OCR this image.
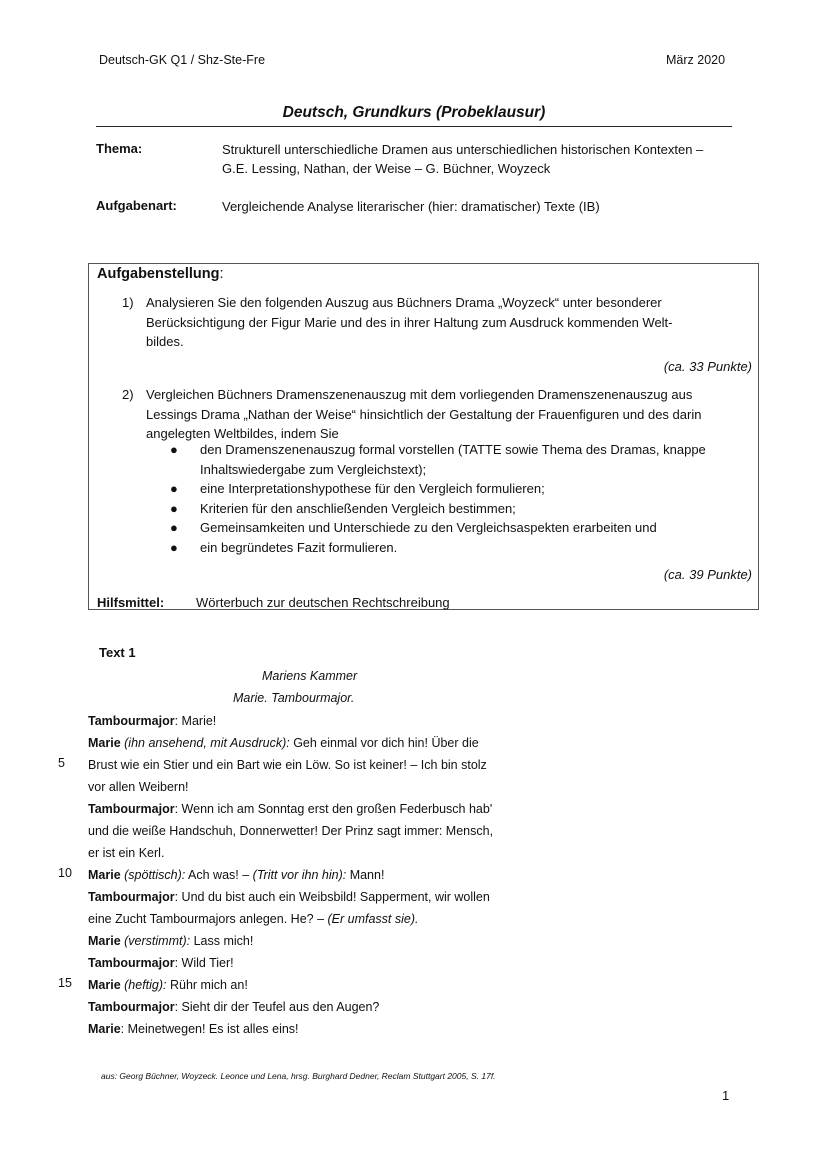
Deutsch-GK Q1 / Shz-Ste-Fre	März 2020
Deutsch, Grundkurs (Probeklausur)
Thema:	Strukturell unterschiedliche Dramen aus unterschiedlichen historischen Kontexten –
G.E. Lessing, Nathan, der Weise – G. Büchner, Woyzeck
Aufgabenart:	Vergleichende Analyse literarischer (hier: dramatischer) Texte (IB)
Aufgabenstellung:
1) Analysieren Sie den folgenden Auszug aus Büchners Drama „Woyzeck“ unter besonderer
Berücksichtigung der Figur Marie und des in ihrer Haltung zum Ausdruck kommenden Welt-
bildes.
(ca. 33 Punkte)
2) Vergleichen Büchners Dramenszenenauszug mit dem vorliegenden Dramenszenenauszug aus
Lessings Drama „Nathan der Weise“ hinsichtlich der Gestaltung der Frauenfiguren und des darin
angelegten Weltbildes, indem Sie
● den Dramenszenenauszug formal vorstellen (TATTE sowie Thema des Dramas, knappe
Inhaltswiedergabe zum Vergleichstext);
● eine Interpretationshypothese für den Vergleich formulieren;
● Kriterien für den anschließenden Vergleich bestimmen;
● Gemeinsamkeiten und Unterschiede zu den Vergleichsaspekten erarbeiten und
● ein begründetes Fazit formulieren.
(ca. 39 Punkte)
Hilfsmittel: Wörterbuch zur deutschen Rechtschreibung
Text 1
Mariens Kammer
Marie. Tambourmajor.
Tambourmajor: Marie!
Marie (ihn ansehend, mit Ausdruck): Geh einmal vor dich hin! Über die
Brust wie ein Stier und ein Bart wie ein Löw. So ist keiner! – Ich bin stolz
vor allen Weibern!
Tambourmajor: Wenn ich am Sonntag erst den großen Federbusch hab'
und die weiße Handschuh, Donnerwetter! Der Prinz sagt immer: Mensch,
er ist ein Kerl.
Marie (spöttisch): Ach was! – (Tritt vor ihn hin): Mann!
Tambourmajor: Und du bist auch ein Weibsbild! Sapperment, wir wollen
eine Zucht Tambourmajors anlegen. He? – (Er umfasst sie).
Marie (verstimmt): Lass mich!
Tambourmajor: Wild Tier!
Marie (heftig): Rühr mich an!
Tambourmajor: Sieht dir der Teufel aus den Augen?
Marie: Meinetwegen! Es ist alles eins!
5
10
15
aus: Georg Büchner, Woyzeck. Leonce und Lena, hrsg. Burghard Dedner, Reclam Stuttgart 2005, S. 17f.
1
